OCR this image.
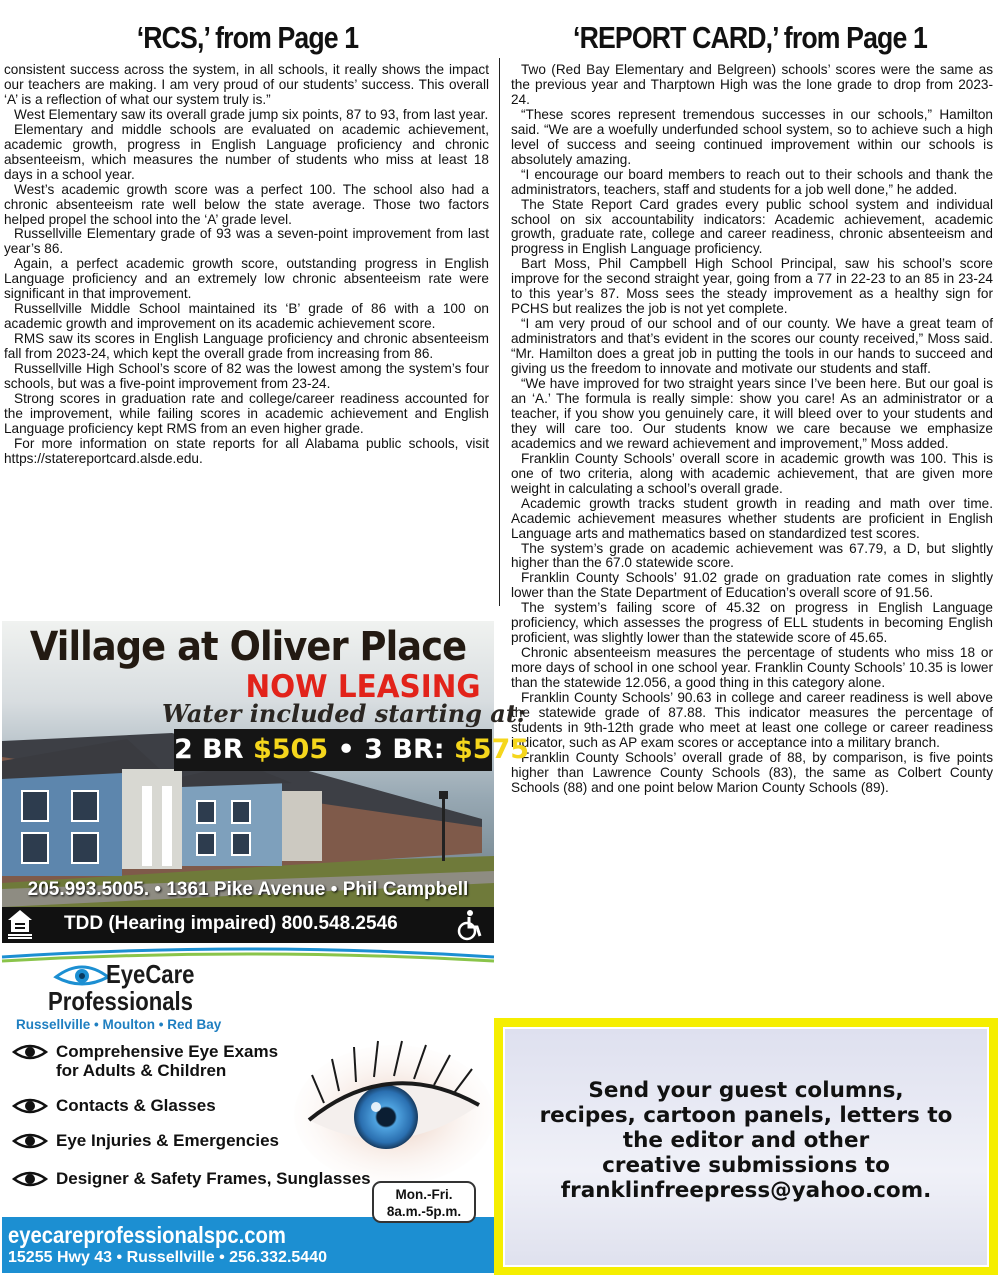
‘RCS,’ from Page 1	‘REPORT CARD,’ from Page 1

consistent success across the system, in all schools, it really shows the impact our teachers are making. I am very proud of our students’ success. This overall ‘A’ is a reflection of what our system truly is.”

West Elementary saw its overall grade jump six points, 87 to 93, from last year.

Elementary and middle schools are evaluated on academic achievement, academic growth, progress in English Language proficiency and chronic absenteeism, which measures the number of students who miss at least 18 days in a school year.

West’s academic growth score was a perfect 100. The school also had a chronic absenteeism rate well below the state average. Those two factors helped propel the school into the ‘A’ grade level.

Russellville Elementary grade of 93 was a seven-point improvement from last year’s 86.

Again, a perfect academic growth score, outstanding progress in English Language proficiency and an extremely low chronic absenteeism rate were significant in that improvement.

Russellville Middle School maintained its ‘B’ grade of 86 with a 100 on academic growth and improvement on its academic achievement score.

RMS saw its scores in English Language proficiency and chronic absenteeism fall from 2023-24, which kept the overall grade from increasing from 86.

Russellville High School’s score of 82 was the lowest among the system’s four schools, but was a five-point improvement from 23-24.

Strong scores in graduation rate and college/career readiness accounted for the improvement, while failing scores in academic achievement and English Language proficiency kept RMS from an even higher grade.

For more information on state reports for all Alabama public schools, visit https://statereportcard.alsde.edu.

Two (Red Bay Elementary and Belgreen) schools’ scores were the same as the previous year and Tharptown High was the lone grade to drop from 2023-24.

“These scores represent tremendous successes in our schools,” Hamilton said. “We are a woefully underfunded school system, so to achieve such a high level of success and seeing continued improvement within our schools is absolutely amazing.

“I encourage our board members to reach out to their schools and thank the administrators, teachers, staff and students for a job well done,” he added.

The State Report Card grades every public school system and individual school on six accountability indicators: Academic achievement, academic growth, graduate rate, college and career readiness, chronic absenteeism and progress in English Language proficiency.

Bart Moss, Phil Campbell High School Principal, saw his school’s score improve for the second straight year, going from a 77 in 22-23 to an 85 in 23-24 to this year’s 87. Moss sees the steady improvement as a healthy sign for PCHS but realizes the job is not yet complete.

“I am very proud of our school and of our county. We have a great team of administrators and that’s evident in the scores our county received,” Moss said. “Mr. Hamilton does a great job in putting the tools in our hands to succeed and giving us the freedom to innovate and motivate our students and staff.

“We have improved for two straight years since I’ve been here. But our goal is an ‘A.’ The formula is really simple: show you care! As an administrator or a teacher, if you show you genuinely care, it will bleed over to your students and they will care too. Our students know we care because we emphasize academics and we reward achievement and improvement,” Moss added.

Franklin County Schools’ overall score in academic growth was 100. This is one of two criteria, along with academic achievement, that are given more weight in calculating a school’s overall grade.

Academic growth tracks student growth in reading and math over time. Academic achievement measures whether students are proficient in English Language arts and mathematics based on standardized test scores.

The system’s grade on academic achievement was 67.79, a D, but slightly higher than the 67.0 statewide score.

Franklin County Schools’ 91.02 grade on graduation rate comes in slightly lower than the State Department of Education’s overall score of 91.56.

The system’s failing score of 45.32 on progress in English Language proficiency, which assesses the progress of ELL students in becoming English proficient, was slightly lower than the statewide score of 45.65.

Chronic absenteeism measures the percentage of students who miss 18 or more days of school in one school year. Franklin County Schools’ 10.35 is lower than the statewide 12.056, a good thing in this category alone.

Franklin County Schools’ 90.63 in college and career readiness is well above the statewide grade of 87.88. This indicator measures the percentage of students in 9th-12th grade who meet at least one college or career readiness indicator, such as AP exam scores or acceptance into a military branch.

Franklin County Schools’ overall grade of 88, by comparison, is five points higher than Lawrence County Schools (83), the same as Colbert County Schools (88) and one point below Marion County Schools (89).

Village at Oliver Place
NOW LEASING
Water included starting at:
2 BR $505 • 3 BR: $575
205.993.5005. • 1361 Pike Avenue • Phil Campbell
TDD (Hearing impaired) 800.548.2546
EyeCare
Professionals
Russellville • Moulton • Red Bay
Comprehensive Eye Exams
for Adults & Children
Contacts & Glasses
Eye Injuries & Emergencies
Designer & Safety Frames, Sunglasses
Mon.-Fri.
8a.m.-5p.m.
eyecareprofessionalspc.com
15255 Hwy 43 • Russellville • 256.332.5440
Send your guest columns,
recipes, cartoon panels, letters to
the editor and other
creative submissions to
franklinfreepress@yahoo.com.
